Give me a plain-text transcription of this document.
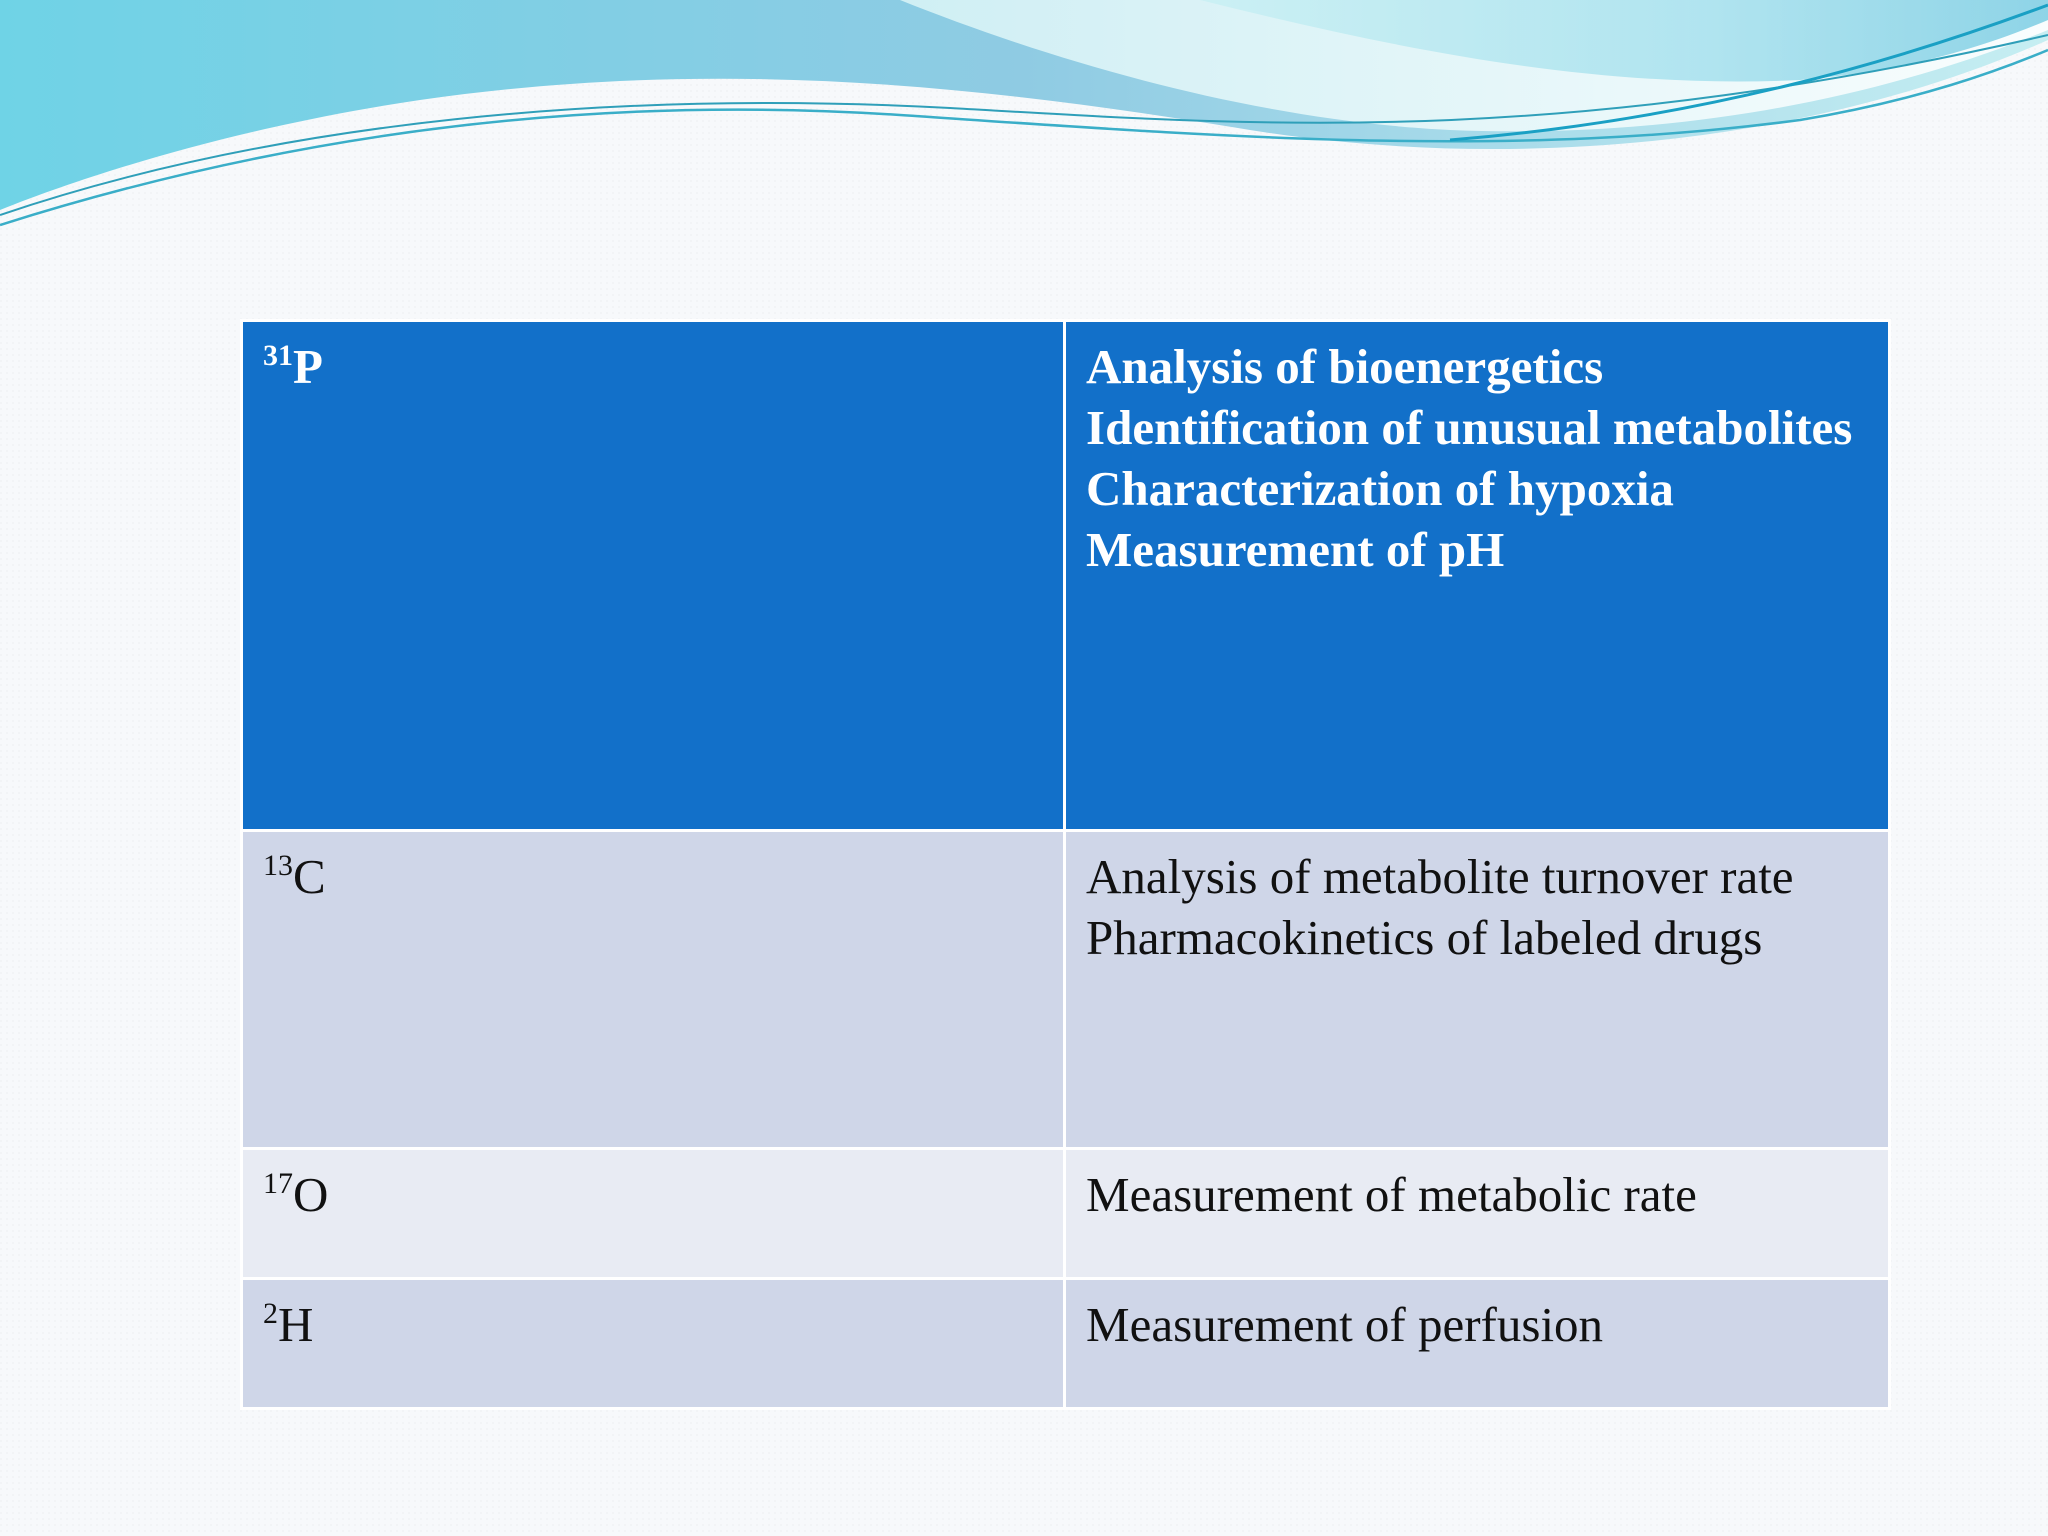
$^{31}$P	Analysis of bioenergetics
Identification of unusual metabolites
Characterization of hypoxia
Measurement of pH

$^{13}$C	Analysis of metabolite turnover rate
Pharmacokinetics of labeled drugs

$^{17}$O	Measurement of metabolic rate

$^2$H	Measurement of perfusion
